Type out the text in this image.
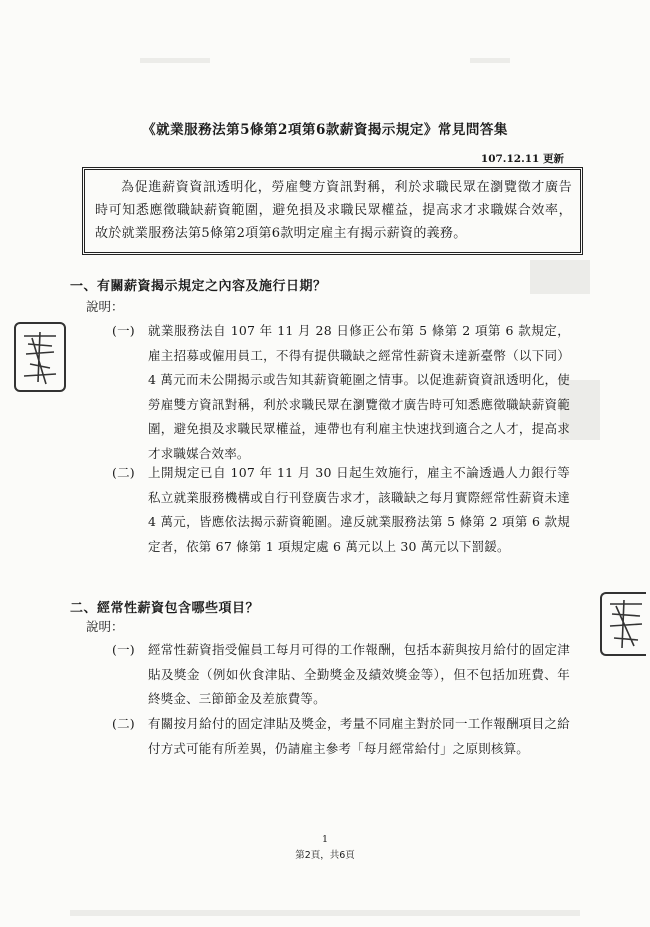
《就業服務法第5條第2項第6款薪資揭示規定》常見問答集
107.12.11 更新

為促進薪資資訊透明化，勞雇雙方資訊對稱，利於求職民眾在瀏覽徵才廣告時可知悉應徵職缺薪資範圍，避免損及求職民眾權益，提高求才求職媒合效率，故於就業服務法第5條第2項第6款明定雇主有揭示薪資的義務。

一、有關薪資揭示規定之內容及施行日期？
說明：
(一) 就業服務法自 107 年 11 月 28 日修正公布第 5 條第 2 項第 6 款規定，雇主招募或僱用員工，不得有提供職缺之經常性薪資未達新臺幣（以下同）4 萬元而未公開揭示或告知其薪資範圍之情事。以促進薪資資訊透明化，使勞雇雙方資訊對稱，利於求職民眾在瀏覽徵才廣告時可知悉應徵職缺薪資範圍，避免損及求職民眾權益，連帶也有利雇主快速找到適合之人才，提高求才求職媒合效率。
(二) 上開規定已自 107 年 11 月 30 日起生效施行，雇主不論透過人力銀行等私立就業服務機構或自行刊登廣告求才，該職缺之每月實際經常性薪資未達 4 萬元，皆應依法揭示薪資範圍。違反就業服務法第 5 條第 2 項第 6 款規定者，依第 67 條第 1 項規定處 6 萬元以上 30 萬元以下罰鍰。
二、經常性薪資包含哪些項目？
說明：
(一) 經常性薪資指受僱員工每月可得的工作報酬，包括本薪與按月給付的固定津貼及獎金（例如伙食津貼、全勤獎金及績效獎金等），但不包括加班費、年終獎金、三節節金及差旅費等。
(二) 有關按月給付的固定津貼及獎金，考量不同雇主對於同一工作報酬項目之給付方式可能有所差異，仍請雇主參考「每月經常給付」之原則核算。
1
第2頁，共6頁
